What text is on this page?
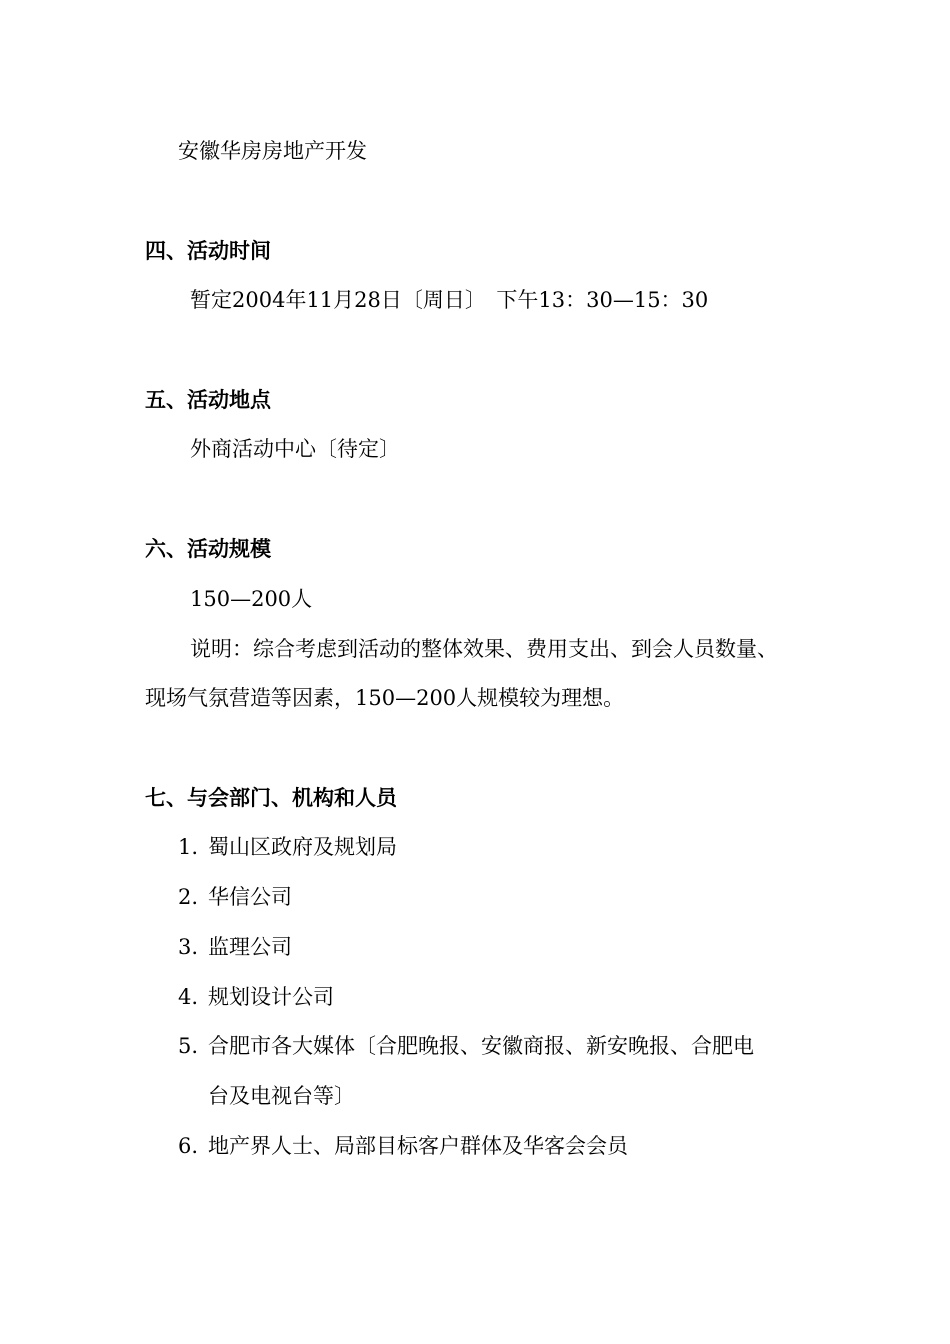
安徽华房房地产开发
四、活动时间
暂定2004年11月28日〔周日〕　下午13：30—15：30
五、活动地点
外商活动中心〔待定〕
六、活动规模
150—200人
说明：综合考虑到活动的整体效果、费用支出、到会人员数量、
现场气氛营造等因素，150—200人规模较为理想。
七、与会部门、机构和人员
1. 蜀山区政府及规划局
2. 华信公司
3. 监理公司
4. 规划设计公司
5. 合肥市各大媒体〔合肥晚报、安徽商报、新安晚报、合肥电
台及电视台等〕
6. 地产界人士、局部目标客户群体及华客会会员
